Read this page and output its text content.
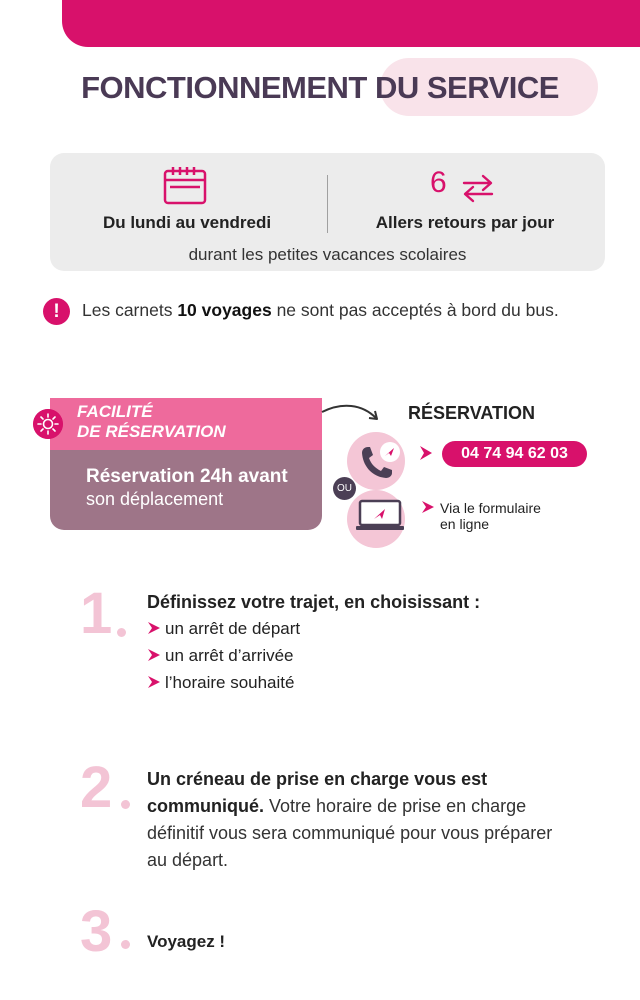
FONCTIONNEMENT DU SERVICE
Du lundi au vendredi
6
Allers retours par jour
durant les petites vacances scolaires
!	Les carnets 10 voyages ne sont pas acceptés à bord du bus.
FACILITÉ
DE RÉSERVATION
Réservation 24h avant
son déplacement
RÉSERVATION
OU
04 74 94 62 03
Via le formulaire
en ligne
1 Définissez votre trajet, en choisissant :
un arrêt de départ
un arrêt d’arrivée
l’horaire souhaité
2 Un créneau de prise en charge vous est
communiqué. Votre horaire de prise en charge
définitif vous sera communiqué pour vous préparer
au départ.
3 Voyagez !
